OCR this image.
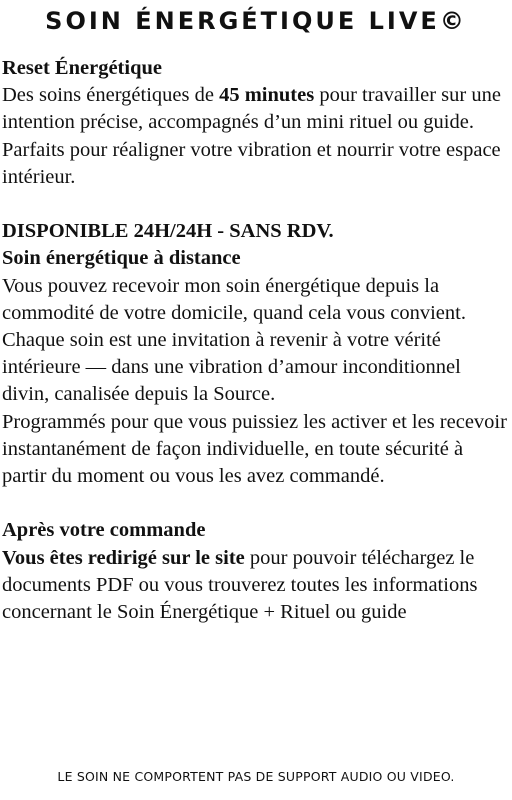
SOIN ÉNERGÉTIQUE LIVE©

Reset Énergétique

Des soins énergétiques de 45 minutes pour travailler sur une intention précise, accompagnés d’un mini rituel ou guide.

Parfaits pour réaligner votre vibration et nourrir votre espace intérieur.

DISPONIBLE 24H/24H - SANS RDV.

Soin énergétique à distance

Vous pouvez recevoir mon soin énergétique depuis la commodité de votre domicile, quand cela vous convient.

Chaque soin est une invitation à revenir à votre vérité intérieure — dans une vibration d’amour inconditionnel divin, canalisée depuis la Source.

Programmés pour que vous puissiez les activer et les recevoir instantanément de façon individuelle, en toute sécurité à partir du moment ou vous les avez commandé.

Après votre commande

Vous êtes redirigé sur le site pour pouvoir téléchargez le documents PDF ou vous trouverez toutes les informations concernant le Soin Énergétique + Rituel ou guide

LE SOIN NE COMPORTENT PAS DE SUPPORT AUDIO OU VIDEO.
